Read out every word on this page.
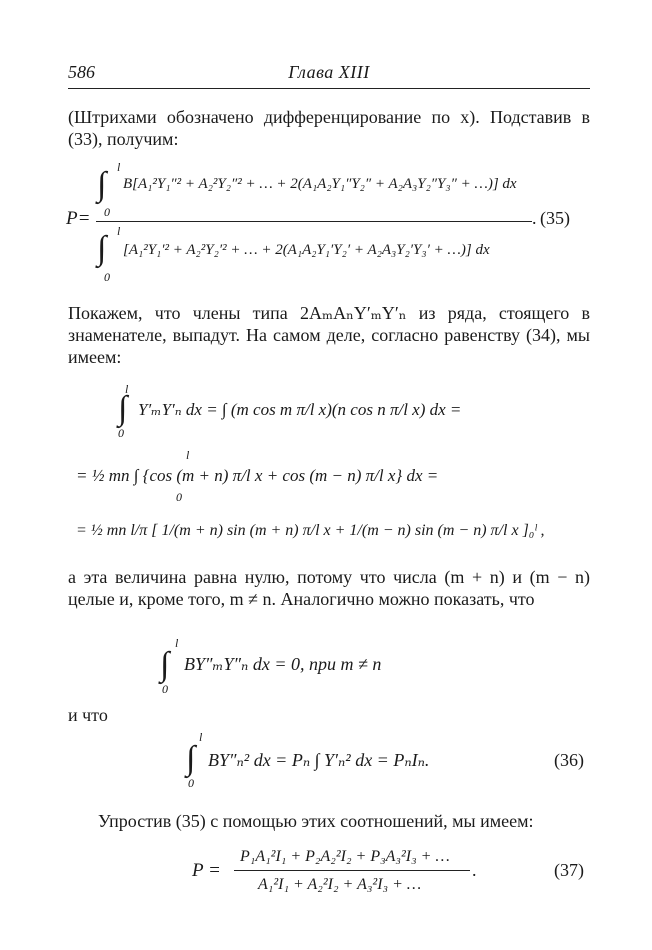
586	Глава XIII
(Штрихами обозначено дифференцирование по x). Подставив в (33), получим:
P=
∫ l
0
B[A₁²Y₁″² + A₂²Y₂″² + … + 2(A₁A₂Y₁″Y₂″ + A₂A₃Y₂″Y₃″ + …)] dx
. (35)
∫ l
0
[A₁²Y₁′² + A₂²Y₂′² + … + 2(A₁A₂Y₁′Y₂′ + A₂A₃Y₂′Y₃′ + …)] dx
Покажем, что члены типа 2AₘAₙY′ₘY′ₙ из ряда, стоящего в знаменателе, выпадут. На самом деле, согласно равенству (34), мы имеем:
∫
l
0
Y′ₘY′ₙ dx = ∫ (m cos m π/l x)(n cos n π/l x) dx =
= ½ mn ∫ {cos (m + n) π/l x + cos (m − n) π/l x} dx =
l
0
= ½ mn l/π [ 1/(m + n) sin (m + n) π/l x + 1/(m − n) sin (m − n) π/l x ]₀ˡ ,
а эта величина равна нулю, потому что числа (m + n) и (m − n) целые и, кроме того, m ≠ n. Аналогично можно показать, что
∫
l
0
BY″ₘY″ₙ dx = 0, при m ≠ n
и что
∫
l
0
BY″ₙ² dx = Pₙ ∫ Y′ₙ² dx = PₙIₙ.	(36)
Упростив (35) с помощью этих соотношений, мы имеем:
P =
P₁A₁²I₁ + P₂A₂²I₂ + P₃A₃²I₃ + …
.
A₁²I₁ + A₂²I₂ + A₃²I₃ + …
(37)
